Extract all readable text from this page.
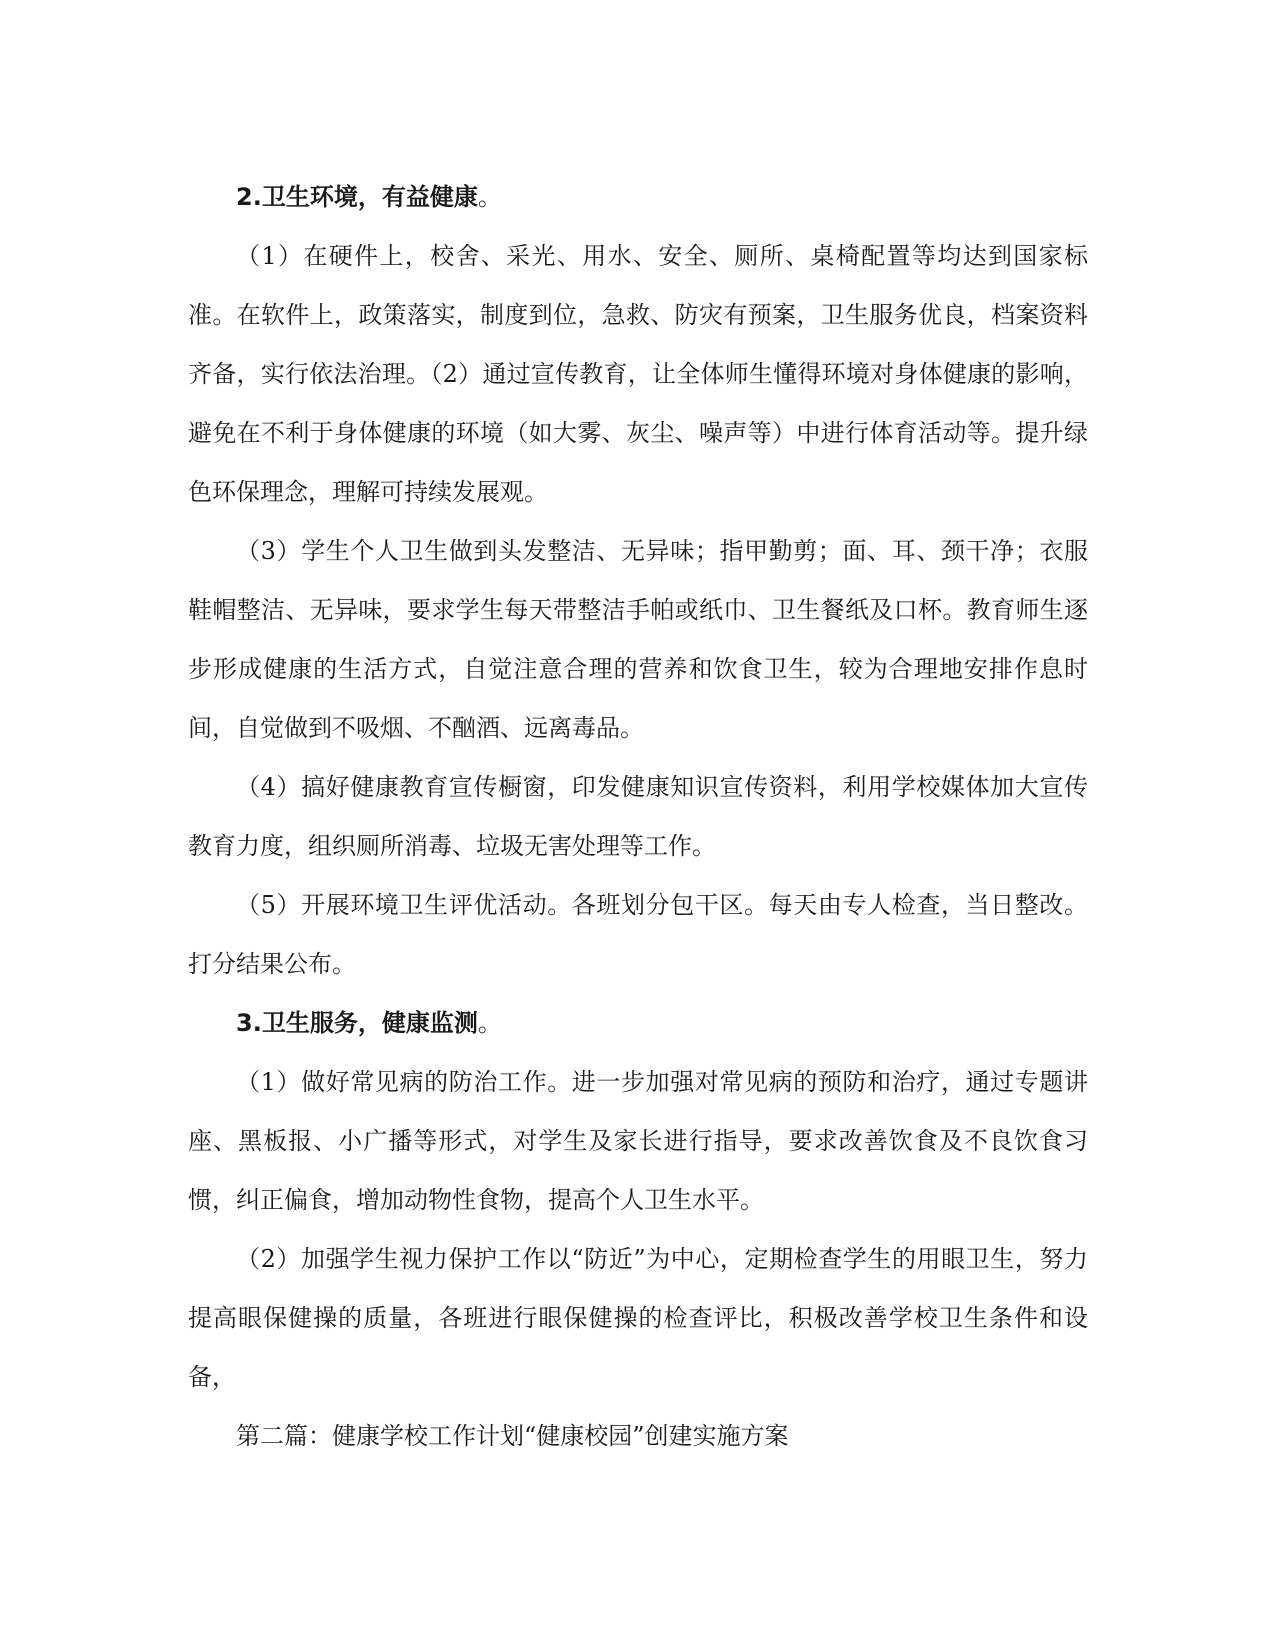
2.卫生环境，有益健康。

（1）在硬件上，校舍、采光、用水、安全、厕所、桌椅配置等均达到国家标准。在软件上，政策落实，制度到位，急救、防灾有预案，卫生服务优良，档案资料齐备，实行依法治理。（2）通过宣传教育，让全体师生懂得环境对身体健康的影响，避免在不利于身体健康的环境（如大雾、灰尘、噪声等）中进行体育活动等。提升绿色环保理念，理解可持续发展观。

（3）学生个人卫生做到头发整洁、无异味；指甲勤剪；面、耳、颈干净；衣服鞋帽整洁、无异味，要求学生每天带整洁手帕或纸巾、卫生餐纸及口杯。教育师生逐步形成健康的生活方式，自觉注意合理的营养和饮食卫生，较为合理地安排作息时间，自觉做到不吸烟、不酗酒、远离毒品。

（4）搞好健康教育宣传橱窗，印发健康知识宣传资料，利用学校媒体加大宣传教育力度，组织厕所消毒、垃圾无害处理等工作。

（5）开展环境卫生评优活动。各班划分包干区。每天由专人检查，当日整改。打分结果公布。

3.卫生服务，健康监测。

（1）做好常见病的防治工作。进一步加强对常见病的预防和治疗，通过专题讲座、黑板报、小广播等形式，对学生及家长进行指导，要求改善饮食及不良饮食习惯，纠正偏食，增加动物性食物，提高个人卫生水平。

（2）加强学生视力保护工作以“防近”为中心，定期检查学生的用眼卫生，努力提高眼保健操的质量，各班进行眼保健操的检查评比，积极改善学校卫生条件和设备，

第二篇：健康学校工作计划“健康校园”创建实施方案
